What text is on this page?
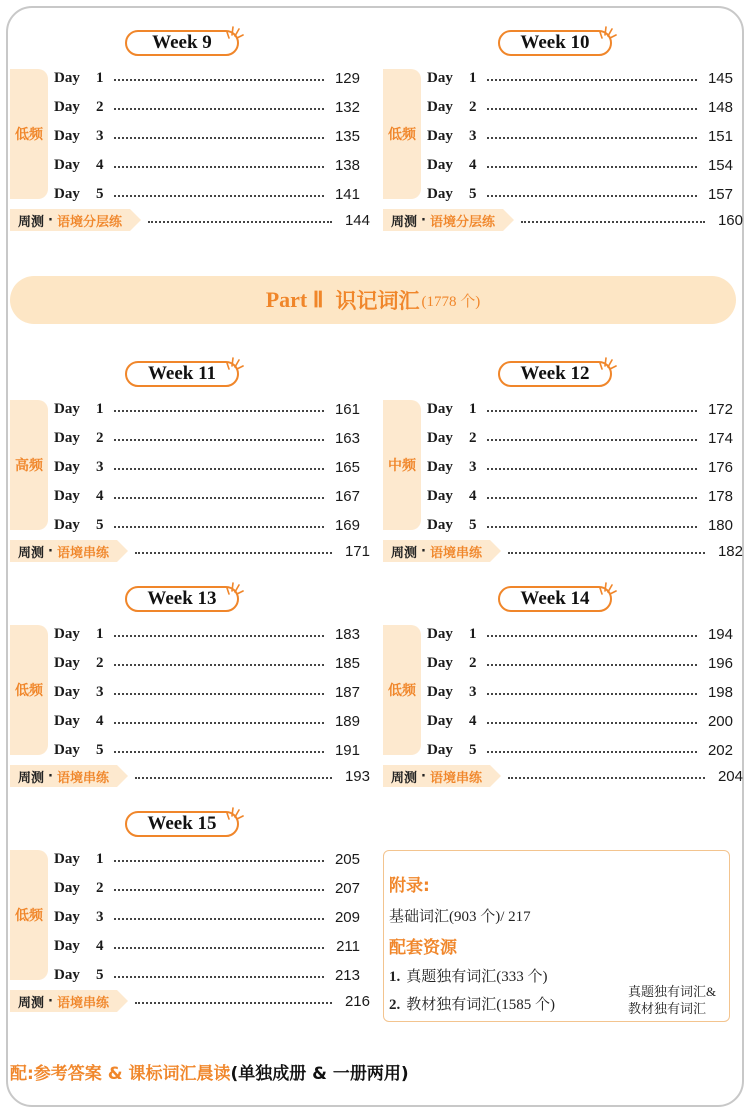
Week 9
低频
Day	1	129
Day	2	132
Day	3	135
Day	4	138
Day	5	141
周测 · 语境分层练	144
Week 10
低频
Day	1	145
Day	2	148
Day	3	151
Day	4	154
Day	5	157
周测 · 语境分层练	160
Week 11
高频
Day	1	161
Day	2	163
Day	3	165
Day	4	167
Day	5	169
周测 · 语境串练	171
Week 12
中频
Day	1	172
Day	2	174
Day	3	176
Day	4	178
Day	5	180
周测 · 语境串练	182
Week 13
低频
Day	1	183
Day	2	185
Day	3	187
Day	4	189
Day	5	191
周测 · 语境串练	193
Week 14
低频
Day	1	194
Day	2	196
Day	3	198
Day	4	200
Day	5	202
周测 · 语境串练	204
Week 15
低频
Day	1	205
Day	2	207
Day	3	209
Day	4	211
Day	5	213
周测 · 语境串练	216
Part Ⅱ 识记词汇 (1778 个)
附录:
基础词汇(903 个)/ 217
配套资源
1. 真题独有词汇(333 个)
2. 教材独有词汇(1585 个)
真题独有词汇&
教材独有词汇
配:参考答案 & 课标词汇晨读 (单独成册 & 一册两用)
